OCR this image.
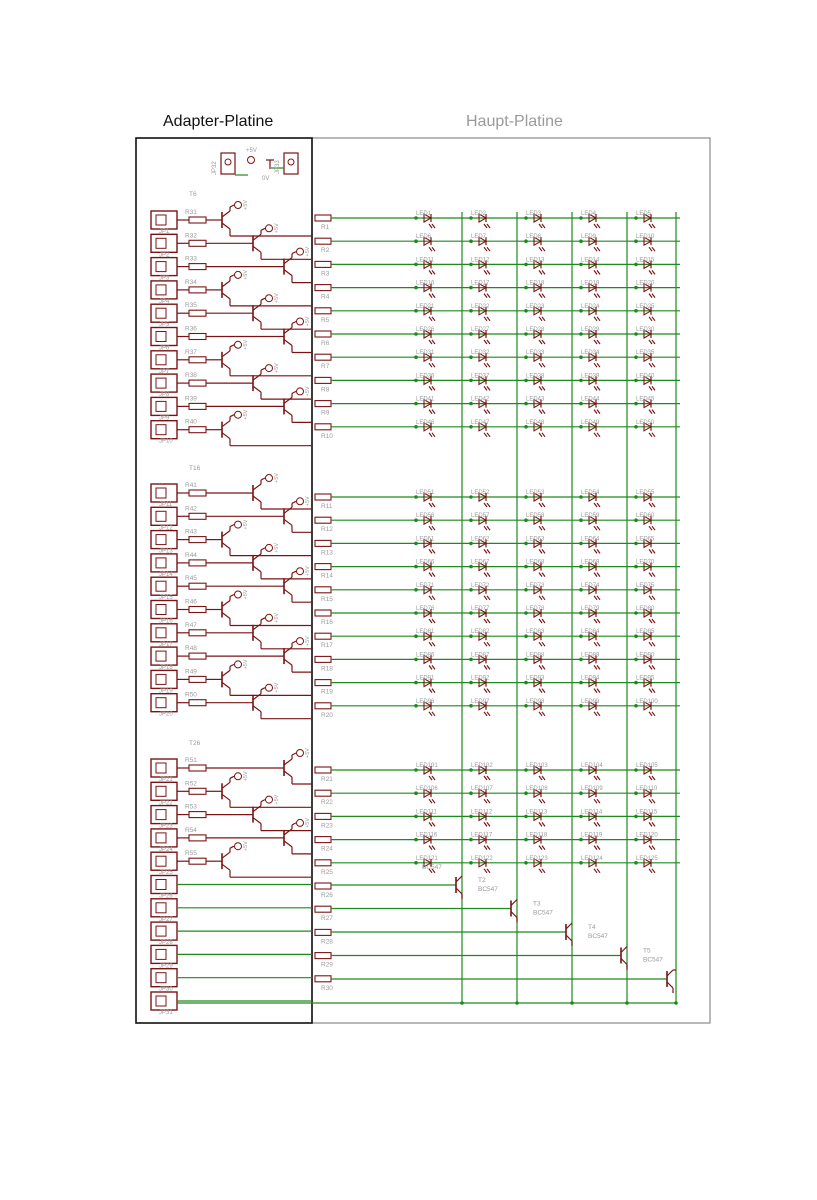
Adapter-Platine	Haupt-Platine
JP32	JP33
+5V
0V
JP1
JP2
JP3
JP4
JP5
JP6
JP7
JP8
JP9
JP10
JP11
JP12
JP13
JP14
JP15
JP16
JP17
JP18
JP19
JP20
JP21
JP22
JP23
JP24
JP25
JP26
JP27
JP28
JP29
JP30
JP31
R31
+5V
R32
+5V
R33
+5V
R34
+5V
R35
+5V
R36
+5V
R37
+5V
R38
+5V
R39
+5V
R40
+5V
R41
+5V
R42
+5V
R43
+5V
R44
+5V
R45
+5V
R46
+5V
R47
+5V
R48
+5V
R49
+5V
R50
+5V
R51
+5V
R52
+5V
R53
+5V
R54
+5V
R55
+5V
T6
T16
T26
R1
R2
R3
R4
R5
R6
R7
R8
R9
R10
R11
R12
R13
R14
R15
R16
R17
R18
R19
R20
R21
R22
R23
R24
R25
R26
R27
R28
R29
R30
LED1	LED2	LED3	LED4	LED5
LED6	LED7	LED8	LED9	LED10
LED11	LED12	LED13	LED14	LED15
LED16	LED17	LED18	LED19	LED20
LED21	LED22	LED23	LED24	LED25
LED26	LED27	LED28	LED29	LED30
LED31	LED32	LED33	LED34	LED35
LED36	LED37	LED38	LED39	LED40
LED41	LED42	LED43	LED44	LED45
LED46	LED47	LED48	LED49	LED50
LED51	LED52	LED53	LED54	LED55
LED56	LED57	LED58	LED59	LED60
LED61	LED62	LED63	LED64	LED65
LED66	LED67	LED68	LED69	LED70
LED71	LED72	LED73	LED74	LED75
LED76	LED77	LED78	LED79	LED80
LED81	LED82	LED83	LED84	LED85
LED86	LED87	LED88	LED89	LED90
LED91	LED92	LED93	LED94	LED95
LED96	LED97	LED98	LED99	LED100
LED101	LED102	LED103	LED104	LED105
LED106	LED107	LED108	LED109	LED110
LED111	LED112	LED113	LED114	LED115
LED116	LED117	LED118	LED119	LED120
LED121	LED122	LED123	LED124	LED125
T2
BC547
T3
BC547
T4
BC547
T5
BC547
BC547
